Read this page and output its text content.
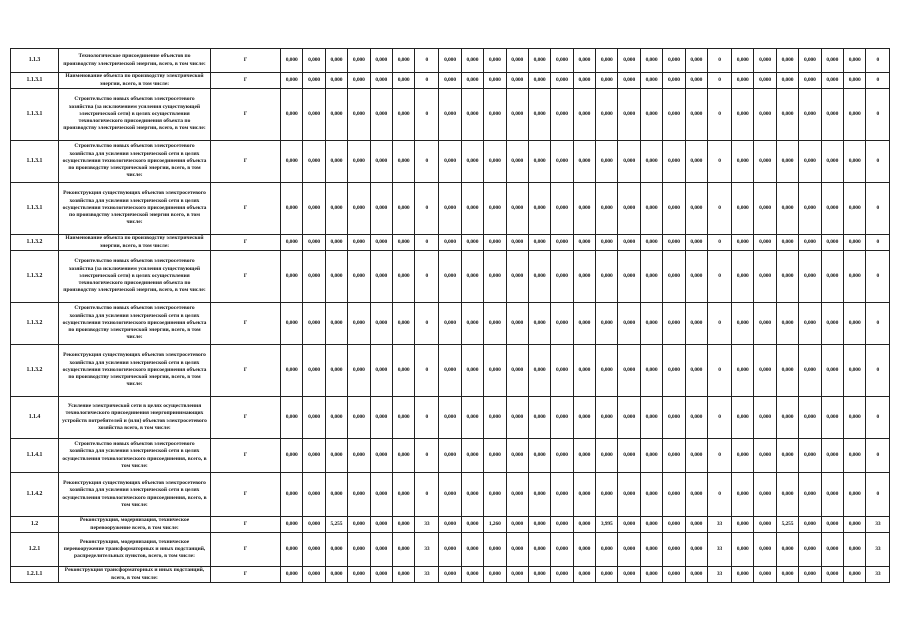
1.1.3	Технологическое присоединение объектов по производству электрической энергии, всего, в том числе:	Г	0,000	0,000	0,000	0,000	0,000	0,000	0	0,000	0,000	0,000	0,000	0,000	0,000	0,000	0,000	0,000	0,000	0,000	0,000	0	0,000	0,000	0,000	0,000	0,000	0,000	0
1.1.3.1	Наименование объекта по производству электрической энергии, всего, в том числе:	Г	0,000	0,000	0,000	0,000	0,000	0,000	0	0,000	0,000	0,000	0,000	0,000	0,000	0,000	0,000	0,000	0,000	0,000	0,000	0	0,000	0,000	0,000	0,000	0,000	0,000	0
1.1.3.1	Строительство новых объектов электросетевого хозяйства (за исключением усиления существующей электрической сети) в целях осуществления технологического присоединения объекта по производству электрической энергии, всего, в том числе:	Г	0,000	0,000	0,000	0,000	0,000	0,000	0	0,000	0,000	0,000	0,000	0,000	0,000	0,000	0,000	0,000	0,000	0,000	0,000	0	0,000	0,000	0,000	0,000	0,000	0,000	0
1.1.3.1	Строительство новых объектов электросетевого хозяйства для усиления электрической сети в целях осуществления технологического присоединения объекта по производству электрической энергии, всего, в том числе:	Г	0,000	0,000	0,000	0,000	0,000	0,000	0	0,000	0,000	0,000	0,000	0,000	0,000	0,000	0,000	0,000	0,000	0,000	0,000	0	0,000	0,000	0,000	0,000	0,000	0,000	0
1.1.3.1	Реконструкция существующих объектов электросетевого хозяйства для усиления электрической сети в целях осуществления технологического присоединения объекта по производству электрической энергии всего, в том числе:	Г	0,000	0,000	0,000	0,000	0,000	0,000	0	0,000	0,000	0,000	0,000	0,000	0,000	0,000	0,000	0,000	0,000	0,000	0,000	0	0,000	0,000	0,000	0,000	0,000	0,000	0
1.1.3.2	Наименование объекта по производству электрической энергии, всего, в том числе:	Г	0,000	0,000	0,000	0,000	0,000	0,000	0	0,000	0,000	0,000	0,000	0,000	0,000	0,000	0,000	0,000	0,000	0,000	0,000	0	0,000	0,000	0,000	0,000	0,000	0,000	0
1.1.3.2	Строительство новых объектов электросетевого хозяйства (за исключением усиления существующей электрической сети) в целях осуществления технологического присоединения объекта по производству электрической энергии, всего, в том числе:	Г	0,000	0,000	0,000	0,000	0,000	0,000	0	0,000	0,000	0,000	0,000	0,000	0,000	0,000	0,000	0,000	0,000	0,000	0,000	0	0,000	0,000	0,000	0,000	0,000	0,000	0
1.1.3.2	Строительство новых объектов электросетевого хозяйства для усиления электрической сети в целях осуществления технологического присоединения объекта по производству электрической энергии, всего, в том числе:	Г	0,000	0,000	0,000	0,000	0,000	0,000	0	0,000	0,000	0,000	0,000	0,000	0,000	0,000	0,000	0,000	0,000	0,000	0,000	0	0,000	0,000	0,000	0,000	0,000	0,000	0
1.1.3.2	Реконструкция существующих объектов электросетевого хозяйства для усиления электрической сети в целях осуществления технологического присоединения объекта по производству электрической энергии, всего, в том числе:	Г	0,000	0,000	0,000	0,000	0,000	0,000	0	0,000	0,000	0,000	0,000	0,000	0,000	0,000	0,000	0,000	0,000	0,000	0,000	0	0,000	0,000	0,000	0,000	0,000	0,000	0
1.1.4	Усиление электрической сети в целях осуществления технологического присоединения энергопринимающих устройств потребителей и (или) объектов электросетевого хозяйства всего, в том числе:	Г	0,000	0,000	0,000	0,000	0,000	0,000	0	0,000	0,000	0,000	0,000	0,000	0,000	0,000	0,000	0,000	0,000	0,000	0,000	0	0,000	0,000	0,000	0,000	0,000	0,000	0
1.1.4.1	Строительство новых объектов электросетевого хозяйства для усиления электрической сети в целях осуществления технологического присоединения, всего, в том числе:	Г	0,000	0,000	0,000	0,000	0,000	0,000	0	0,000	0,000	0,000	0,000	0,000	0,000	0,000	0,000	0,000	0,000	0,000	0,000	0	0,000	0,000	0,000	0,000	0,000	0,000	0
1.1.4.2	Реконструкция существующих объектов электросетевого хозяйства для усиления электрической сети в целях осуществления технологического присоединения, всего, в том числе:	Г	0,000	0,000	0,000	0,000	0,000	0,000	0	0,000	0,000	0,000	0,000	0,000	0,000	0,000	0,000	0,000	0,000	0,000	0,000	0	0,000	0,000	0,000	0,000	0,000	0,000	0
1.2	Реконструкция, модернизация, техническое перевооружение всего, в том числе:	Г	0,000	0,000	5,255	0,000	0,000	0,000	33	0,000	0,000	1,260	0,000	0,000	0,000	0,000	3,995	0,000	0,000	0,000	0,000	33	0,000	0,000	5,255	0,000	0,000	0,000	33
1.2.1	Реконструкция, модернизация, техническое перевооружение трансформаторных и иных подстанций, распределительных пунктов, всего, в том числе:	Г	0,000	0,000	0,000	0,000	0,000	0,000	33	0,000	0,000	0,000	0,000	0,000	0,000	0,000	0,000	0,000	0,000	0,000	0,000	33	0,000	0,000	0,000	0,000	0,000	0,000	33
1.2.1.1	Реконструкция трансформаторных и иных подстанций, всего, в том числе:	Г	0,000	0,000	0,000	0,000	0,000	0,000	33	0,000	0,000	0,000	0,000	0,000	0,000	0,000	0,000	0,000	0,000	0,000	0,000	33	0,000	0,000	0,000	0,000	0,000	0,000	33
